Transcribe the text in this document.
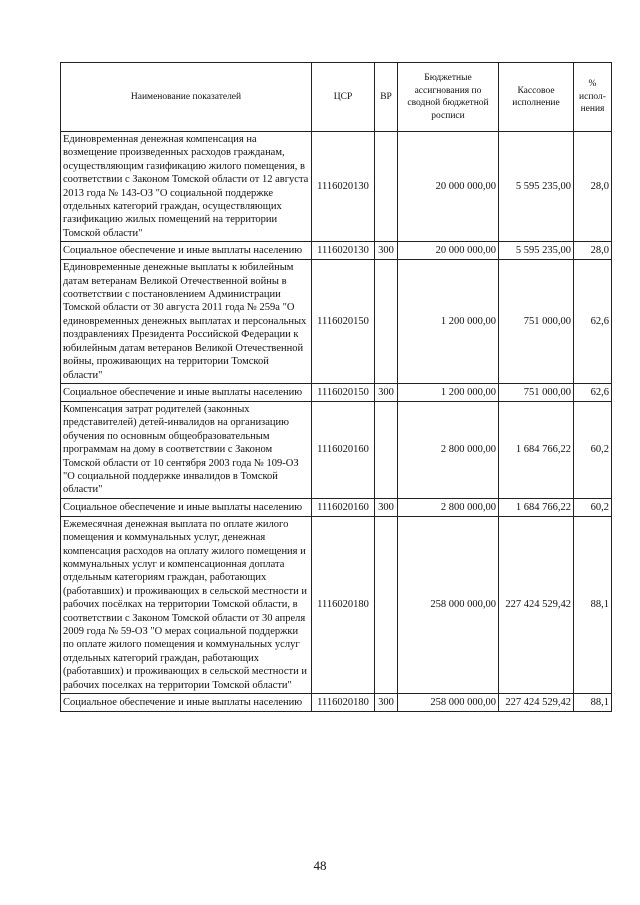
Наименование показателей	ЦСР	ВР	Бюджетные ассигнования по сводной бюджетной росписи	Кассовое исполнение	% испол-нения
Единовременная денежная компенсация на возмещение произведенных расходов гражданам, осуществляющим газификацию жилого помещения, в соответствии с Законом Томской области от 12 августа 2013 года № 143-ОЗ "О социальной поддержке отдельных категорий граждан, осуществляющих газификацию жилых помещений на территории Томской области"	1116020130		20 000 000,00	5 595 235,00	28,0
Социальное обеспечение и иные выплаты населению	1116020130	300	20 000 000,00	5 595 235,00	28,0
Единовременные денежные выплаты к юбилейным датам ветеранам Великой Отечественной войны в соответствии с постановлением Администрации Томской области от 30 августа 2011 года № 259а "О единовременных денежных выплатах и персональных поздравлениях Президента Российской Федерации к юбилейным датам ветеранов Великой Отечественной войны, проживающих на территории Томской области"	1116020150		1 200 000,00	751 000,00	62,6
Социальное обеспечение и иные выплаты населению	1116020150	300	1 200 000,00	751 000,00	62,6
Компенсация затрат родителей (законных представителей) детей-инвалидов на организацию обучения по основным общеобразовательным программам на дому в соответствии с Законом Томской области от 10 сентября 2003 года № 109-ОЗ "О социальной поддержке инвалидов в Томской области"	1116020160		2 800 000,00	1 684 766,22	60,2
Социальное обеспечение и иные выплаты населению	1116020160	300	2 800 000,00	1 684 766,22	60,2
Ежемесячная денежная выплата по оплате жилого помещения и коммунальных услуг, денежная компенсация расходов на оплату жилого помещения и коммунальных услуг и компенсационная доплата отдельным категориям граждан, работающих (работавших) и проживающих в сельской местности и рабочих посёлках на территории Томской области, в соответствии с Законом Томской области от 30 апреля 2009 года № 59-ОЗ "О мерах социальной поддержки по оплате жилого помещения и коммунальных услуг отдельных категорий граждан, работающих (работавших) и проживающих в сельской местности и рабочих поселках на территории Томской области"	1116020180		258 000 000,00	227 424 529,42	88,1
Социальное обеспечение и иные выплаты населению	1116020180	300	258 000 000,00	227 424 529,42	88,1
48
